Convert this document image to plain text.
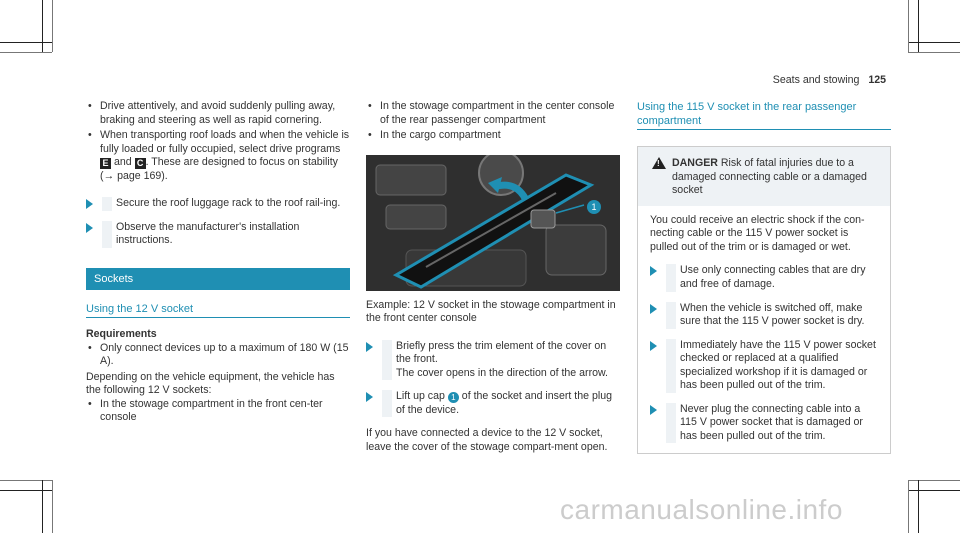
Seats and stowing 125
• Drive attentively, and avoid suddenly pulling away, braking and steering as well as rapid cornering.
• When transporting roof loads and when the vehicle is fully loaded or fully occupied, select drive programs E and C . These are designed to focus on stability (→ page 169).
Secure the roof luggage rack to the roof rail-ing.
Observe the manufacturer's installation instructions.
Sockets
Using the 12 V socket
Requirements
• Only connect devices up to a maximum of 180 W (15 A).
Depending on the vehicle equipment, the vehicle has the following 12 V sockets:
• In the stowage compartment in the front cen-ter console
• In the stowage compartment in the center console of the rear passenger compartment
• In the cargo compartment
1
Example: 12 V socket in the stowage compartment in the front center console
Briefly press the trim element of the cover on the front.
The cover opens in the direction of the arrow.
Lift up cap 1 of the socket and insert the plug of the device.
If you have connected a device to the 12 V socket, leave the cover of the stowage compart-ment open.
Using the 115 V socket in the rear passenger compartment
!
DANGER Risk of fatal injuries due to a damaged connecting cable or a damaged socket
You could receive an electric shock if the con-necting cable or the 115 V power socket is pulled out of the trim or is damaged or wet.
Use only connecting cables that are dry and free of damage.
When the vehicle is switched off, make sure that the 115 V power socket is dry.
Immediately have the 115 V power socket checked or replaced at a qualified specialized workshop if it is damaged or has been pulled out of the trim.
Never plug the connecting cable into a 115 V power socket that is damaged or has been pulled out of the trim.
carmanualsonline.info
